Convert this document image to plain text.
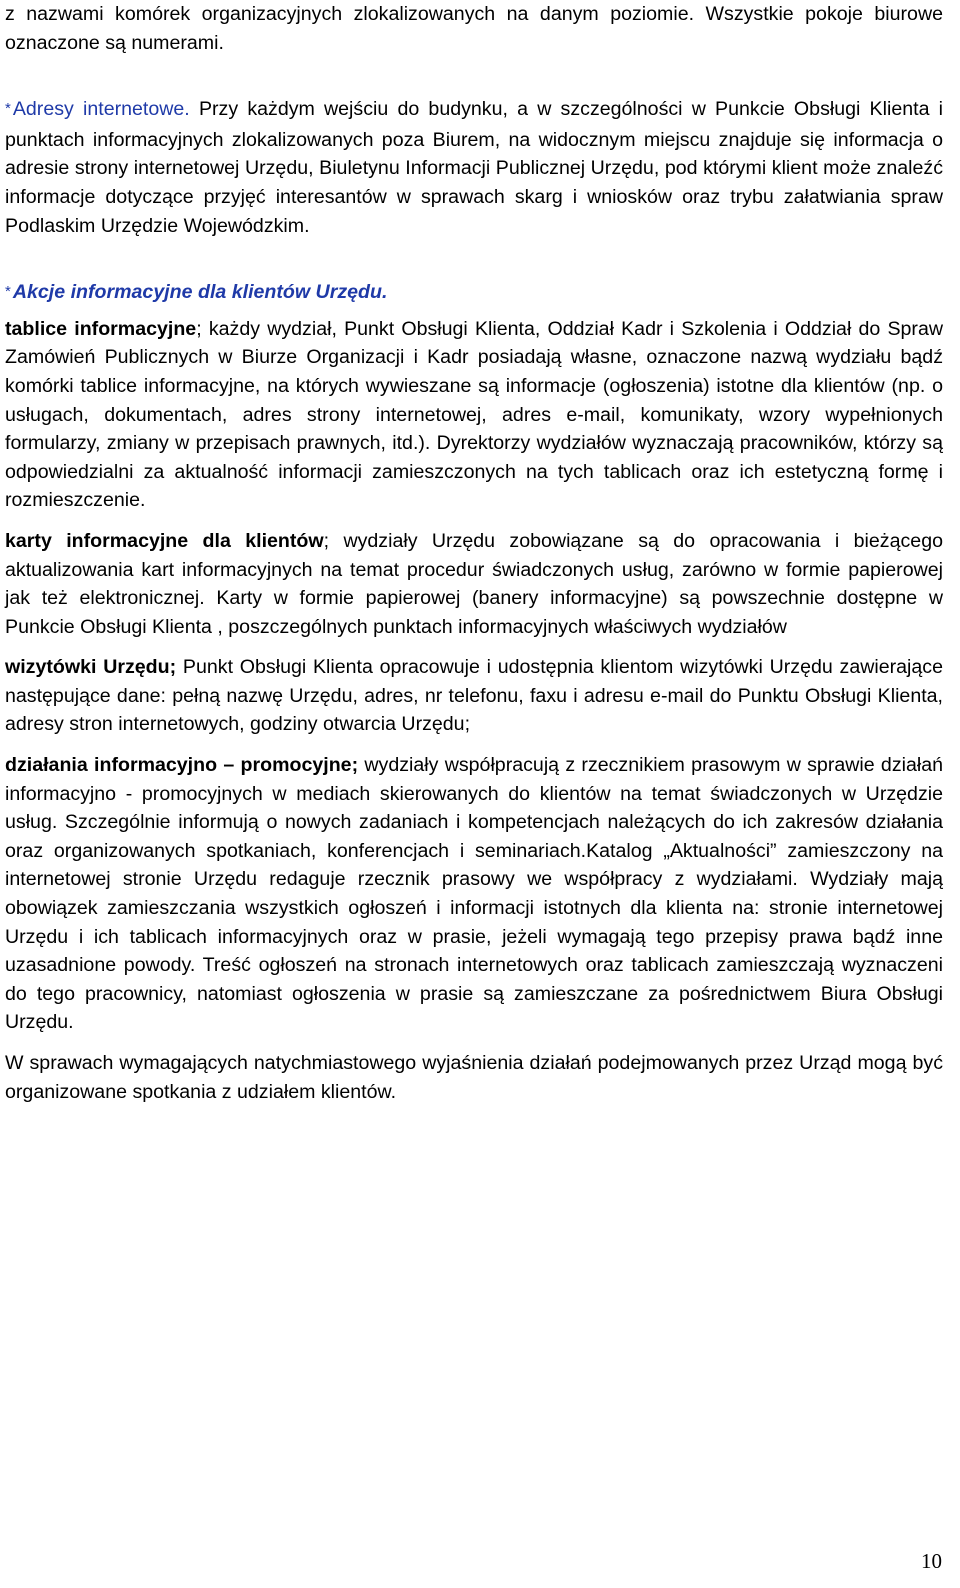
z nazwami komórek organizacyjnych zlokalizowanych na danym poziomie. Wszystkie pokoje biurowe oznaczone są numerami.

* Adresy internetowe. Przy każdym wejściu do budynku, a w szczególności w Punkcie Obsługi Klienta i punktach informacyjnych zlokalizowanych poza Biurem, na widocznym miejscu znajduje się informacja o adresie strony internetowej Urzędu, Biuletynu Informacji Publicznej Urzędu, pod którymi klient może znaleźć informacje dotyczące przyjęć interesantów w sprawach skarg i wniosków oraz trybu załatwiania spraw Podlaskim Urzędzie Wojewódzkim.

* Akcje informacyjne dla klientów Urzędu.

tablice informacyjne; każdy wydział, Punkt Obsługi Klienta, Oddział Kadr i Szkolenia i Oddział do Spraw Zamówień Publicznych w Biurze Organizacji i Kadr posiadają własne, oznaczone nazwą wydziału bądź komórki tablice informacyjne, na których wywieszane są informacje (ogłoszenia) istotne dla klientów (np. o usługach, dokumentach, adres strony internetowej, adres e-mail, komunikaty, wzory wypełnionych formularzy, zmiany w przepisach prawnych, itd.). Dyrektorzy wydziałów wyznaczają pracowników, którzy są odpowiedzialni za aktualność informacji zamieszczonych na tych tablicach oraz ich estetyczną formę i rozmieszczenie.

karty informacyjne dla klientów; wydziały Urzędu zobowiązane są do opracowania i bieżącego aktualizowania kart informacyjnych na temat procedur świadczonych usług, zarówno w formie papierowej jak też elektronicznej. Karty w formie papierowej (banery informacyjne) są powszechnie dostępne w Punkcie Obsługi Klienta , poszczególnych punktach informacyjnych właściwych wydziałów

wizytówki Urzędu; Punkt Obsługi Klienta opracowuje i udostępnia klientom wizytówki Urzędu zawierające następujące dane: pełną nazwę Urzędu, adres, nr telefonu, faxu i adresu e-mail do Punktu Obsługi Klienta, adresy stron internetowych, godziny otwarcia Urzędu;

działania informacyjno – promocyjne; wydziały współpracują z rzecznikiem prasowym w sprawie działań informacyjno - promocyjnych w mediach skierowanych do klientów na temat świadczonych w Urzędzie usług. Szczególnie informują o nowych zadaniach i kompetencjach należących do ich zakresów działania oraz organizowanych spotkaniach, konferencjach i seminariach.Katalog „Aktualności” zamieszczony na internetowej stronie Urzędu redaguje rzecznik prasowy we współpracy z wydziałami. Wydziały mają obowiązek zamieszczania wszystkich ogłoszeń i informacji istotnych dla klienta na: stronie internetowej Urzędu i ich tablicach informacyjnych oraz w prasie, jeżeli wymagają tego przepisy prawa bądź inne uzasadnione powody. Treść ogłoszeń na stronach internetowych oraz tablicach zamieszczają wyznaczeni do tego pracownicy, natomiast ogłoszenia w prasie są zamieszczane za pośrednictwem Biura Obsługi Urzędu.

W sprawach wymagających natychmiastowego wyjaśnienia działań podejmowanych przez Urząd mogą być organizowane spotkania z udziałem klientów.

10
